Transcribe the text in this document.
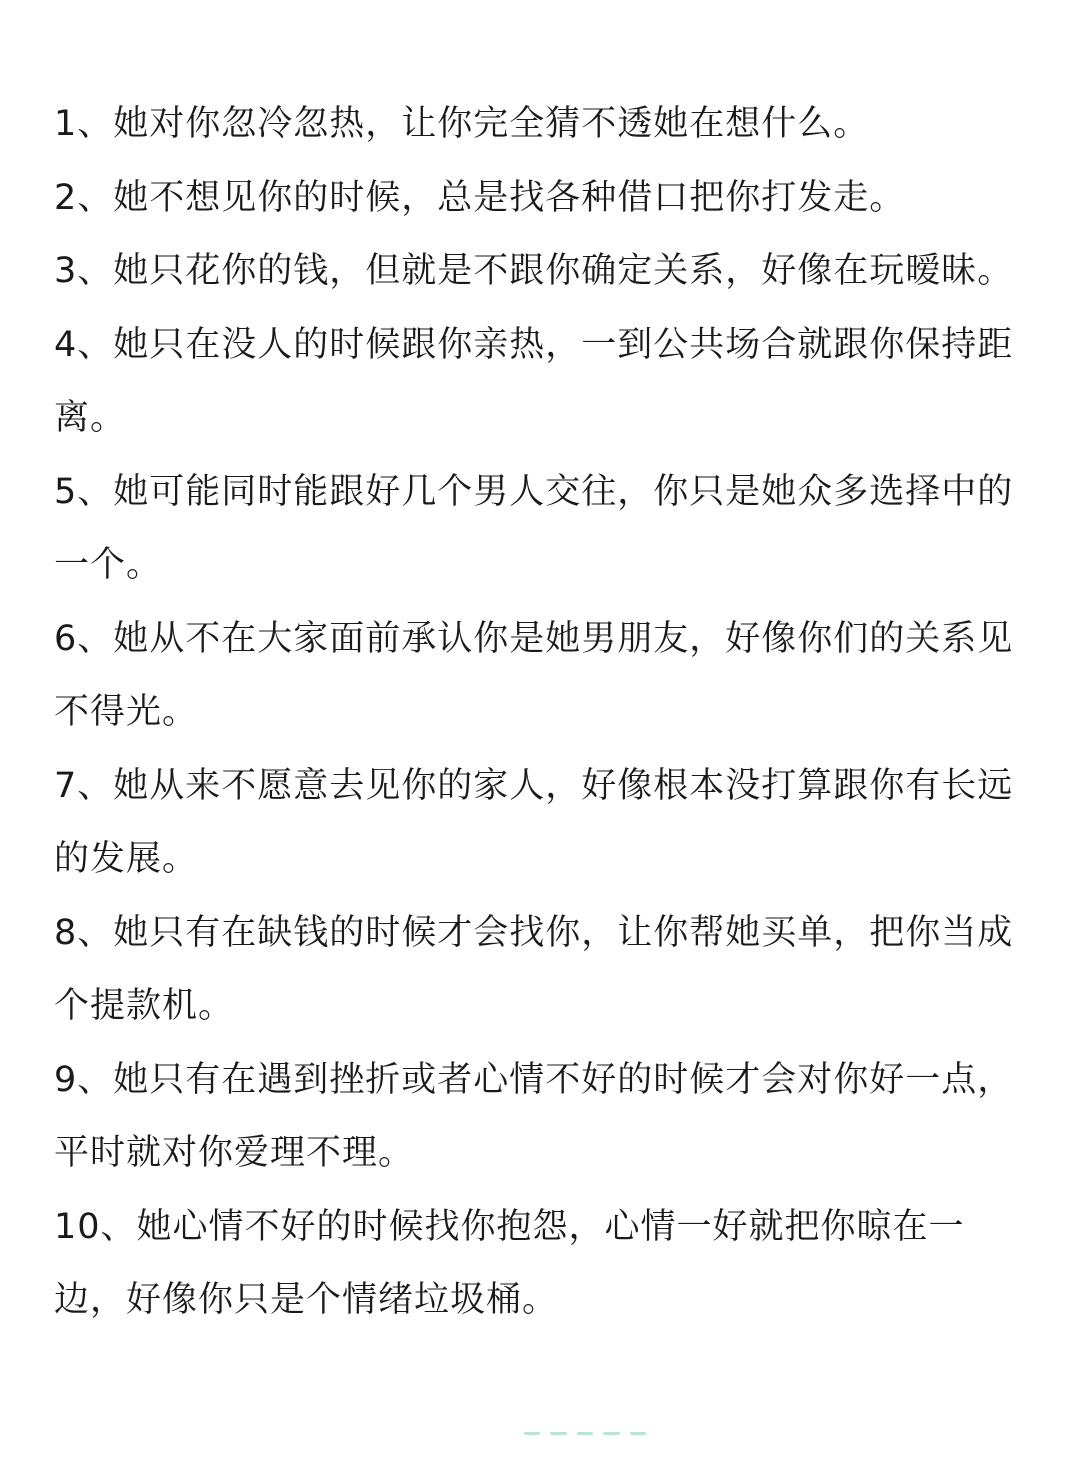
1、她对你忽冷忽热，让你完全猜不透她在想什么。

2、她不想见你的时候，总是找各种借口把你打发走。

3、她只花你的钱，但就是不跟你确定关系，好像在玩暧昧。

4、她只在没人的时候跟你亲热，一到公共场合就跟你保持距离。

5、她可能同时能跟好几个男人交往，你只是她众多选择中的一个。

6、她从不在大家面前承认你是她男朋友，好像你们的关系见不得光。

7、她从来不愿意去见你的家人，好像根本没打算跟你有长远的发展。

8、她只有在缺钱的时候才会找你，让你帮她买单，把你当成个提款机。

9、她只有在遇到挫折或者心情不好的时候才会对你好一点，平时就对你爱理不理。

10、她心情不好的时候找你抱怨，心情一好就把你晾在一边，好像你只是个情绪垃圾桶。
